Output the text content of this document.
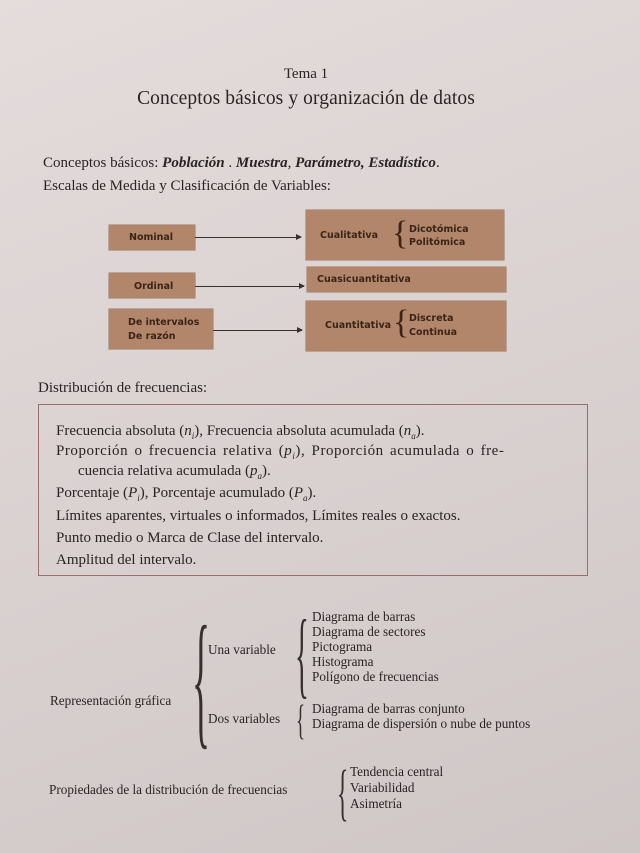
Tema 1
Conceptos básicos y organización de datos
Conceptos básicos: Población . Muestra, Parámetro, Estadístico.
Escalas de Medida y Clasificación de Variables:
Nominal	Cualitativa { Dicotómica
Politómica
Ordinal
Cuasicuantitativa
De intervalos
De razón
Cuantitativa { Discreta
Continua
Distribución de frecuencias:
Frecuencia absoluta $(n_i)$, Frecuencia absoluta acumulada $(n_a)$.
Proporción o frecuencia relativa $(p_i)$, Proporción acumulada o fre-
cuencia relativa acumulada $(p_a)$.
Porcentaje $(P_i)$, Porcentaje acumulado $(P_a)$.
Límites aparentes, virtuales o informados, Límites reales o exactos.
Punto medio o Marca de Clase del intervalo.
Amplitud del intervalo.
Representación gráfica {
Una variable { Diagrama de barras
Diagrama de sectores
Pictograma
Histograma
Polígono de frecuencias
Dos variables { Diagrama de barras conjunto
Diagrama de dispersión o nube de puntos
Propiedades de la distribución de frecuencias { Tendencia central
Variabilidad
Asimetría
